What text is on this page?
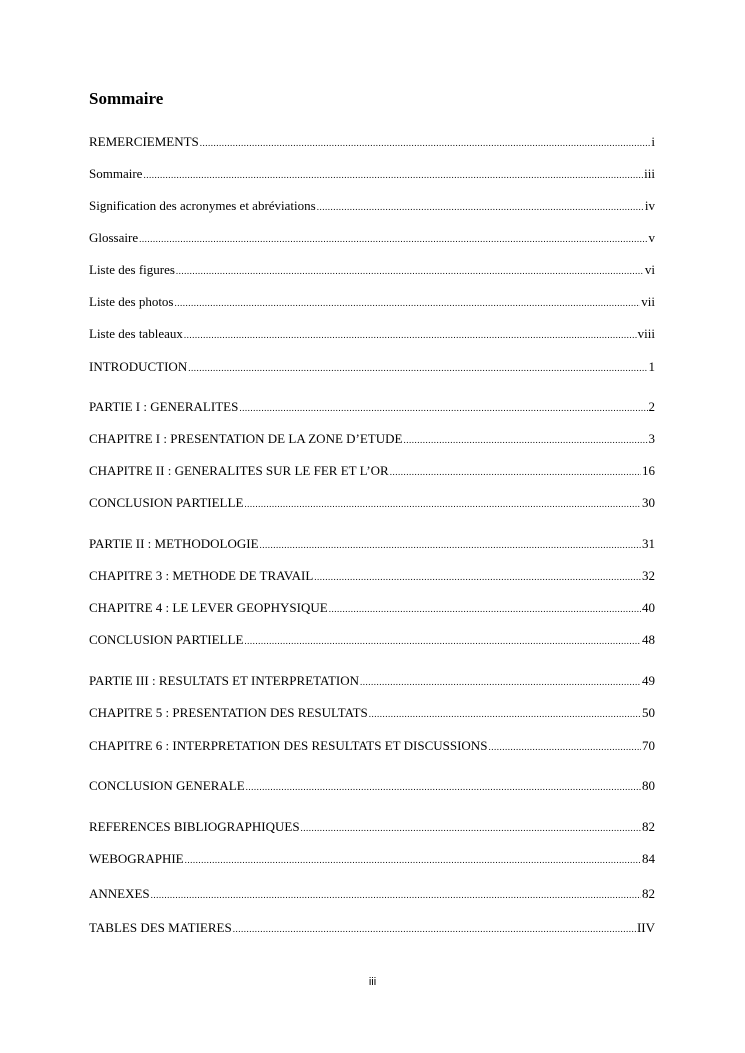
Sommaire
REMERCIEMENTS .....	i
Sommaire .....	iii
Signification des acronymes et abréviations .....	iv
Glossaire .....	v
Liste des figures .....	vi
Liste des photos .....	vii
Liste des tableaux .....	viii
INTRODUCTION .....	1
PARTIE I : GENERALITES .....	2
CHAPITRE I : PRESENTATION DE LA ZONE D’ETUDE .....	3
CHAPITRE II : GENERALITES SUR LE FER ET L’OR .....	16
CONCLUSION PARTIELLE .....	30
PARTIE II : METHODOLOGIE .....	31
CHAPITRE 3 : METHODE DE TRAVAIL .....	32
CHAPITRE 4 : LE LEVER GEOPHYSIQUE .....	40
CONCLUSION PARTIELLE .....	48
PARTIE III : RESULTATS ET INTERPRETATION .....	49
CHAPITRE 5 : PRESENTATION DES RESULTATS .....	50
CHAPITRE 6 : INTERPRETATION DES RESULTATS ET DISCUSSIONS .....	70
CONCLUSION GENERALE .....	80
REFERENCES BIBLIOGRAPHIQUES .....	82
WEBOGRAPHIE .....	84
ANNEXES .....	82
TABLES DES MATIERES .....	IIV
iii
